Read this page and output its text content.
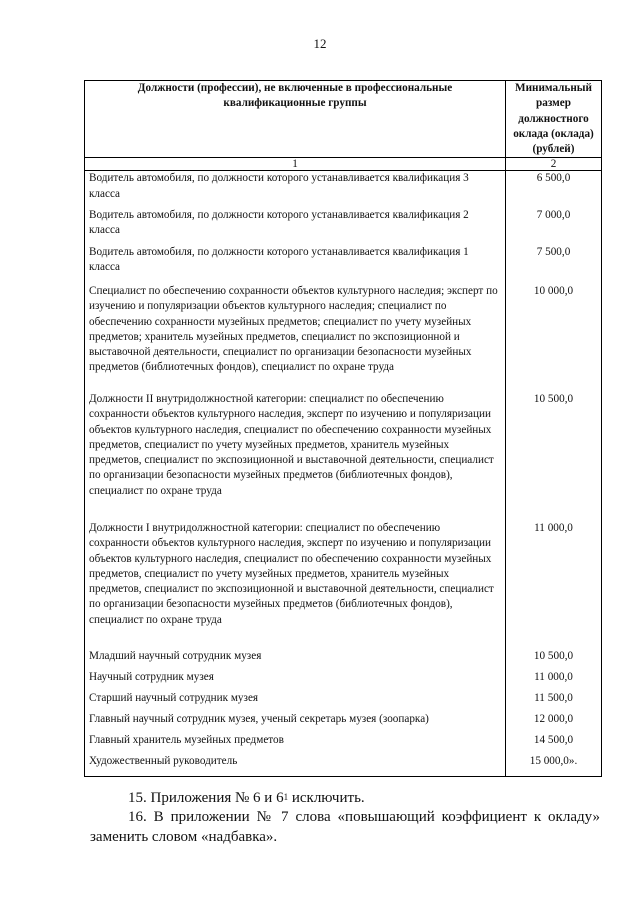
12
Должности (профессии), не включенные в профессиональные квалификационные группы	Минимальный размер должностного оклада (оклада) (рублей)
1	2
Водитель автомобиля, по должности которого устанавливается квалификация 3 класса	6 500,0
Водитель автомобиля, по должности которого устанавливается квалификация 2 класса	7 000,0
Водитель автомобиля, по должности которого устанавливается квалификация 1 класса	7 500,0
Специалист по обеспечению сохранности объектов культурного наследия; эксперт по изучению и популяризации объектов культурного наследия; специалист по обеспечению сохранности музейных предметов; специалист по учету музейных предметов; хранитель музейных предметов, специалист по экспозиционной и выставочной деятельности, специалист по организации безопасности музейных предметов (библиотечных фондов), специалист по охране труда	10 000,0
Должности II внутридолжностной категории: специалист по обеспечению сохранности объектов культурного наследия, эксперт по изучению и популяризации объектов культурного наследия, специалист по обеспечению сохранности музейных предметов, специалист по учету музейных предметов, хранитель музейных предметов, специалист по экспозиционной и выставочной деятельности, специалист по организации безопасности музейных предметов (библиотечных фондов), специалист по охране труда	10 500,0
Должности I внутридолжностной категории: специалист по обеспечению сохранности объектов культурного наследия, эксперт по изучению и популяризации объектов культурного наследия, специалист по обеспечению сохранности музейных предметов, специалист по учету музейных предметов, хранитель музейных предметов, специалист по экспозиционной и выставочной деятельности, специалист по организации безопасности музейных предметов (библиотечных фондов), специалист по охране труда	11 000,0
Младший научный сотрудник музея	10 500,0
Научный сотрудник музея	11 000,0
Старший научный сотрудник музея	11 500,0
Главный научный сотрудник музея, ученый секретарь музея (зоопарка)	12 000,0
Главный хранитель музейных предметов	14 500,0
Художественный руководитель	15 000,0».
15. Приложения № 6 и $6^1$ исключить.
16. В приложении № 7 слова «повышающий коэффициент к окладу» заменить словом «надбавка».
